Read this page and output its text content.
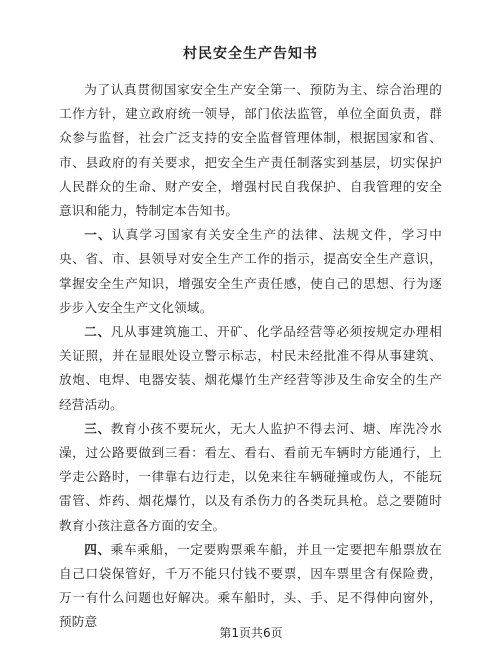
村民安全生产告知书

为了认真贯彻国家安全生产安全第一、预防为主、综合治理的工作方针，建立政府统一领导，部门依法监管，单位全面负责，群众参与监督，社会广泛支持的安全监督管理体制，根据国家和省、市、县政府的有关要求，把安全生产责任制落实到基层，切实保护人民群众的生命、财产安全，增强村民自我保护、自我管理的安全意识和能力，特制定本告知书。

一、认真学习国家有关安全生产的法律、法规文件，学习中央、省、市、县领导对安全生产工作的指示，提高安全生产意识，掌握安全生产知识，增强安全生产责任感，使自己的思想、行为逐步步入安全生产文化领域。

二、凡从事建筑施工、开矿、化学品经营等必须按规定办理相关证照，并在显眼处设立警示标志，村民未经批准不得从事建筑、放炮、电焊、电器安装、烟花爆竹生产经营等涉及生命安全的生产经营活动。

三、教育小孩不要玩火，无大人监护不得去河、塘、库洗冷水澡，过公路要做到三看：看左、看右、看前无车辆时方能通行，上学走公路时，一律靠右边行走，以免来往车辆碰撞或伤人，不能玩雷管、炸药、烟花爆竹，以及有杀伤力的各类玩具枪。总之要随时教育小孩注意各方面的安全。

四、乘车乘船，一定要购票乘车船，并且一定要把车船票放在自己口袋保管好，千万不能只付钱不要票，因车票里含有保险费，万一有什么问题也好解决。乘车船时，头、手、足不得伸向窗外，预防意

第1页共6页
